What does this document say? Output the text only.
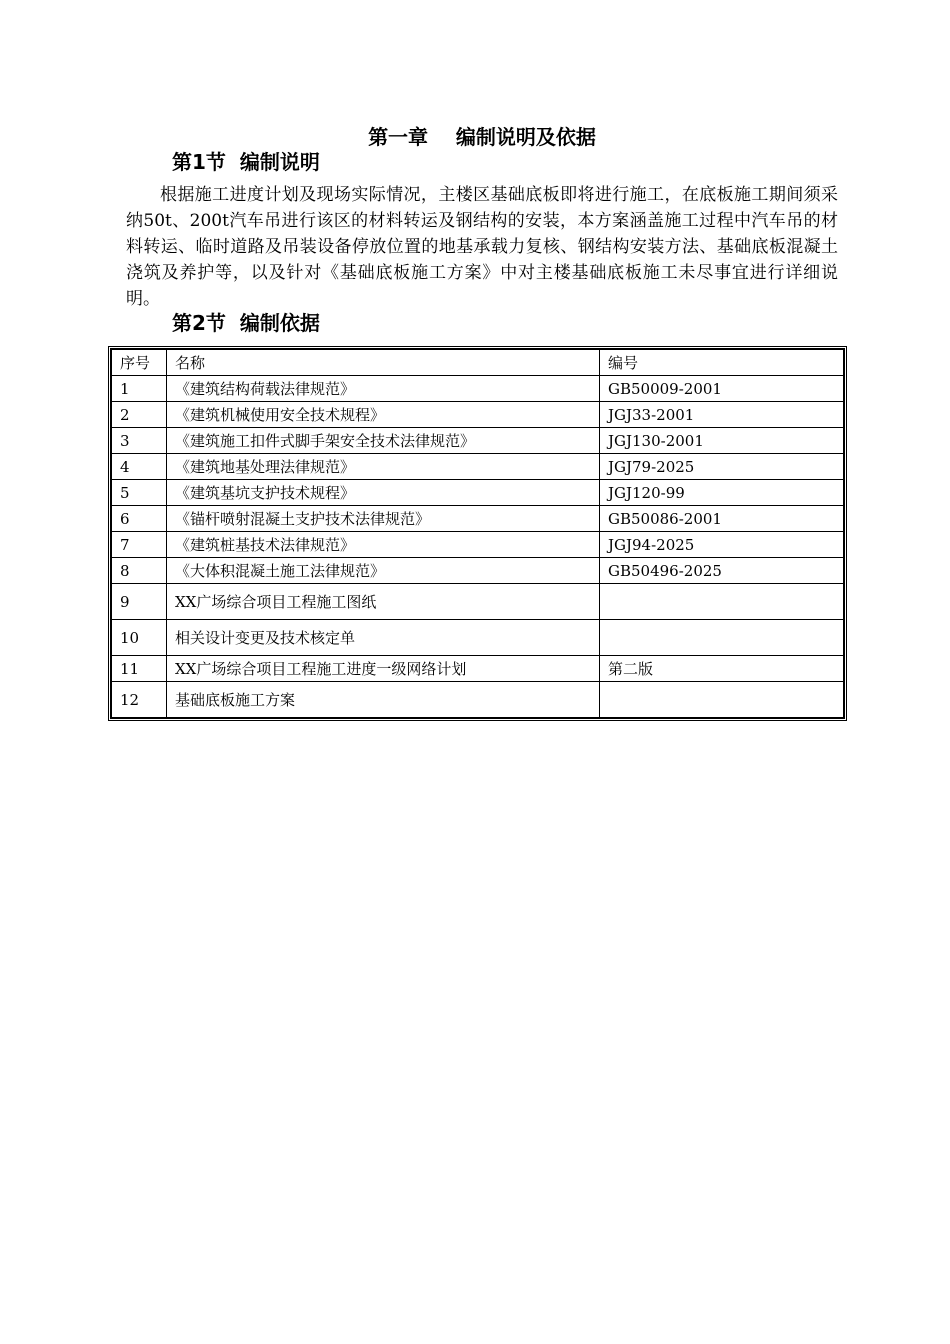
第一章    编制说明及依据
第1节  编制说明

根据施工进度计划及现场实际情况，主楼区基础底板即将进行施工，在底板施工期间须采纳50t、200t汽车吊进行该区的材料转运及钢结构的安装，本方案涵盖施工过程中汽车吊的材料转运、临时道路及吊装设备停放位置的地基承载力复核、钢结构安装方法、基础底板混凝土浇筑及养护等，以及针对《基础底板施工方案》中对主楼基础底板施工未尽事宜进行详细说明。

第2节  编制依据
序号	名称	编号
1	《建筑结构荷载法律规范》	GB50009-2001
2	《建筑机械使用安全技术规程》	JGJ33-2001
3	《建筑施工扣件式脚手架安全技术法律规范》	JGJ130-2001
4	《建筑地基处理法律规范》	JGJ79-2025
5	《建筑基坑支护技术规程》	JGJ120-99
6	《锚杆喷射混凝土支护技术法律规范》	GB50086-2001
7	《建筑桩基技术法律规范》	JGJ94-2025
8	《大体积混凝土施工法律规范》	GB50496-2025
9	XX广场综合项目工程施工图纸	
10	相关设计变更及技术核定单	
11	XX广场综合项目工程施工进度一级网络计划	第二版
12	基础底板施工方案	
